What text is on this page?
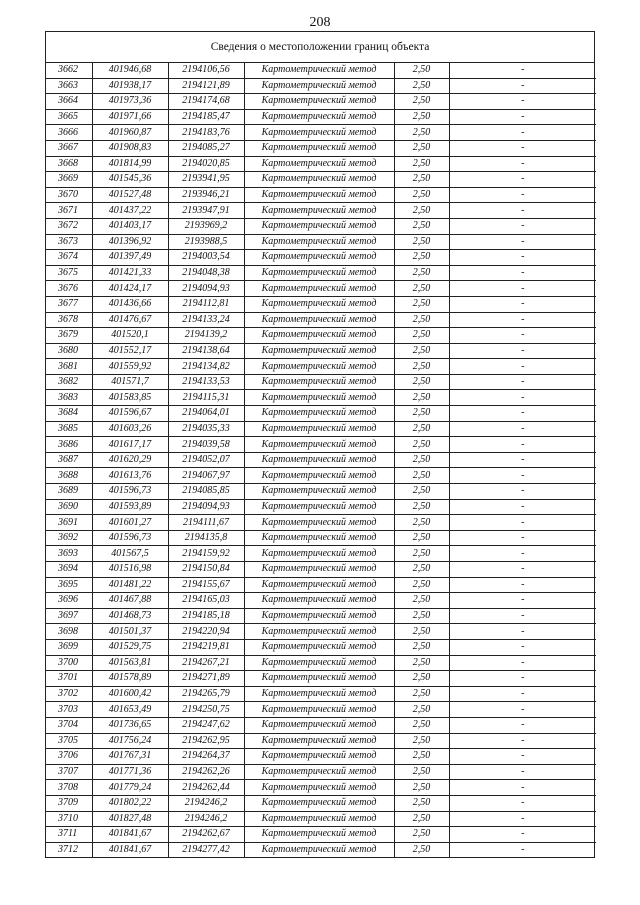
208
Сведения о местоположении границ объекта
3662	401946,68	2194106,56	Картометрический метод	2,50	-
3663	401938,17	2194121,89	Картометрический метод	2,50	-
3664	401973,36	2194174,68	Картометрический метод	2,50	-
3665	401971,66	2194185,47	Картометрический метод	2,50	-
3666	401960,87	2194183,76	Картометрический метод	2,50	-
3667	401908,83	2194085,27	Картометрический метод	2,50	-
3668	401814,99	2194020,85	Картометрический метод	2,50	-
3669	401545,36	2193941,95	Картометрический метод	2,50	-
3670	401527,48	2193946,21	Картометрический метод	2,50	-
3671	401437,22	2193947,91	Картометрический метод	2,50	-
3672	401403,17	2193969,2	Картометрический метод	2,50	-
3673	401396,92	2193988,5	Картометрический метод	2,50	-
3674	401397,49	2194003,54	Картометрический метод	2,50	-
3675	401421,33	2194048,38	Картометрический метод	2,50	-
3676	401424,17	2194094,93	Картометрический метод	2,50	-
3677	401436,66	2194112,81	Картометрический метод	2,50	-
3678	401476,67	2194133,24	Картометрический метод	2,50	-
3679	401520,1	2194139,2	Картометрический метод	2,50	-
3680	401552,17	2194138,64	Картометрический метод	2,50	-
3681	401559,92	2194134,82	Картометрический метод	2,50	-
3682	401571,7	2194133,53	Картометрический метод	2,50	-
3683	401583,85	2194115,31	Картометрический метод	2,50	-
3684	401596,67	2194064,01	Картометрический метод	2,50	-
3685	401603,26	2194035,33	Картометрический метод	2,50	-
3686	401617,17	2194039,58	Картометрический метод	2,50	-
3687	401620,29	2194052,07	Картометрический метод	2,50	-
3688	401613,76	2194067,97	Картометрический метод	2,50	-
3689	401596,73	2194085,85	Картометрический метод	2,50	-
3690	401593,89	2194094,93	Картометрический метод	2,50	-
3691	401601,27	2194111,67	Картометрический метод	2,50	-
3692	401596,73	2194135,8	Картометрический метод	2,50	-
3693	401567,5	2194159,92	Картометрический метод	2,50	-
3694	401516,98	2194150,84	Картометрический метод	2,50	-
3695	401481,22	2194155,67	Картометрический метод	2,50	-
3696	401467,88	2194165,03	Картометрический метод	2,50	-
3697	401468,73	2194185,18	Картометрический метод	2,50	-
3698	401501,37	2194220,94	Картометрический метод	2,50	-
3699	401529,75	2194219,81	Картометрический метод	2,50	-
3700	401563,81	2194267,21	Картометрический метод	2,50	-
3701	401578,89	2194271,89	Картометрический метод	2,50	-
3702	401600,42	2194265,79	Картометрический метод	2,50	-
3703	401653,49	2194250,75	Картометрический метод	2,50	-
3704	401736,65	2194247,62	Картометрический метод	2,50	-
3705	401756,24	2194262,95	Картометрический метод	2,50	-
3706	401767,31	2194264,37	Картометрический метод	2,50	-
3707	401771,36	2194262,26	Картометрический метод	2,50	-
3708	401779,24	2194262,44	Картометрический метод	2,50	-
3709	401802,22	2194246,2	Картометрический метод	2,50	-
3710	401827,48	2194246,2	Картометрический метод	2,50	-
3711	401841,67	2194262,67	Картометрический метод	2,50	-
3712	401841,67	2194277,42	Картометрический метод	2,50	-
